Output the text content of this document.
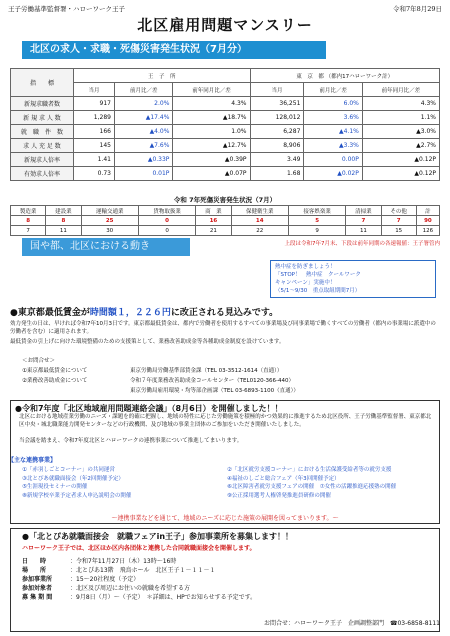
王子労働基準監督署・ハローワーク王子	令和7年8月29日
北区雇用問題マンスリー
北区の求人・求職・死傷災害発生状況（7月分）
指　　標	王　子　所			東　京　都 （都内17ハローワーク計）		
	当月	前月比／差	前年同月比／差	当月	前月比／差	前年同月比／差
新規求職者数	917	2.0%	4.3%	36,251	6.0%	4.3%
新 規 求 人 数	1,289	▲17.4%	▲18.7%	128,012	3.6%	1.1%
就　職　件　数	166	▲4.0%	1.0%	6,287	▲4.1%	▲3.0%
求 人 充 足 数	145	▲7.6%	▲12.7%	8,906	▲3.3%	▲2.7%
新規求人倍率	1.41	▲0.33P	▲0.39P	3.49	0.00P	▲0.12P
有効求人倍率	0.73	0.01P	▲0.07P	1.68	▲0.02P	▲0.12P
令和 7年死傷災害発生状況（7月）
製造業	建設業	運輸交通業	貨物取扱業	商　業	保健衛生業	接客娯楽業	清掃業	その他	計
8	8	25	0	16	14	5	7	7	90
7	11	30	0	21	22	9	11	15	126
上段は令和7年7月末、下段は前年同期の各速報値：王子署管内
国や都、北区における動き
熱中症を防ぎましょう！
「STOP！　熱中症　クールワーク
キャンペーン」実施中！
（5/1～9/30　重点取組期間7月）
●東京都最低賃金が時間額１，２２６円に改正される見込みです。

効力発生の日は、早ければ令和7年10月3日です。東京都最低賃金は、都内で労働者を使用するすべての事業場及び同事業場で働くすべての労働者（都内の事業場に派遣中の労働者を含む）に適用されます。

最低賃金の引上げに向けた環境整備のための支援策として、業務改善助成金等各種助成金制度を設けています。

＜お問合せ＞
①東京都最低賃金について	東京労働局労働基準部賃金課（TEL 03-3512-1614（直通））
②業務改善助成金について	令和７年度業務改善助成金コールセンター（TEL0120-366-440）
東京労働局雇用環境・均等部企画課（TEL 03-6893-1100（直通））
●令和7年度「北区地域雇用問題連絡会議」（8月6日）を開催しました！！

北区における地域産業労働のニーズ・課題を的確に把握し、地域の特性に応じた労働施策を積極的かつ効果的に推進するため北区役所、王子労働基準監督署、東京都北区中央・城北職業能力開発センターなどの行政機関、及び地域の事業主団体のご参加をいただき開催いたしました。

当会議を踏まえ、令和7年度北区とハローワークの連携事業について推進してまいります。

【主な連携事業】
①「赤羽しごとコーナー」の共同運営	②「北区就労支援コーナー」における生活保護受給者等の就労支援
③北とぴあ就職面接会（年2回開催予定）	④福祉のしごと総合フェア（年3回開催予定）
⑤生涯現役セミナーの開催	⑥北区障害者就労支援フェアの開催　⑦女性の活躍推進応援塾の開催
⑧新規学校卒業予定者求人申込説明会の開催	⑨公正採用選考人権啓発推進員研修の開催
～連携事業などを通じて、地域のニーズに応じた施策の展開を図ってまいります。～
●「北とぴあ就職面接会　就職フェアin王子」参加事業所を募集します！！
ハローワーク王子では、北区ほか区内各団体と連携した合同就職面接会を開催します。
日　　時	：令和7年11月27日（木）13時～16時
場　　所	：北とぴあ13階　飛鳥ホール　北区王子１－１１－１
参加事業所	：15～20社程度（予定）
参加対象者	：北区及び周辺にお住いの就職を希望する方
募 集 期 間	：9月8日（月）～（予定）　＊詳細は、HPでお知らせする予定です。
お問合せ：ハローワーク王子　企画調整部門　☎03-6858-8111
